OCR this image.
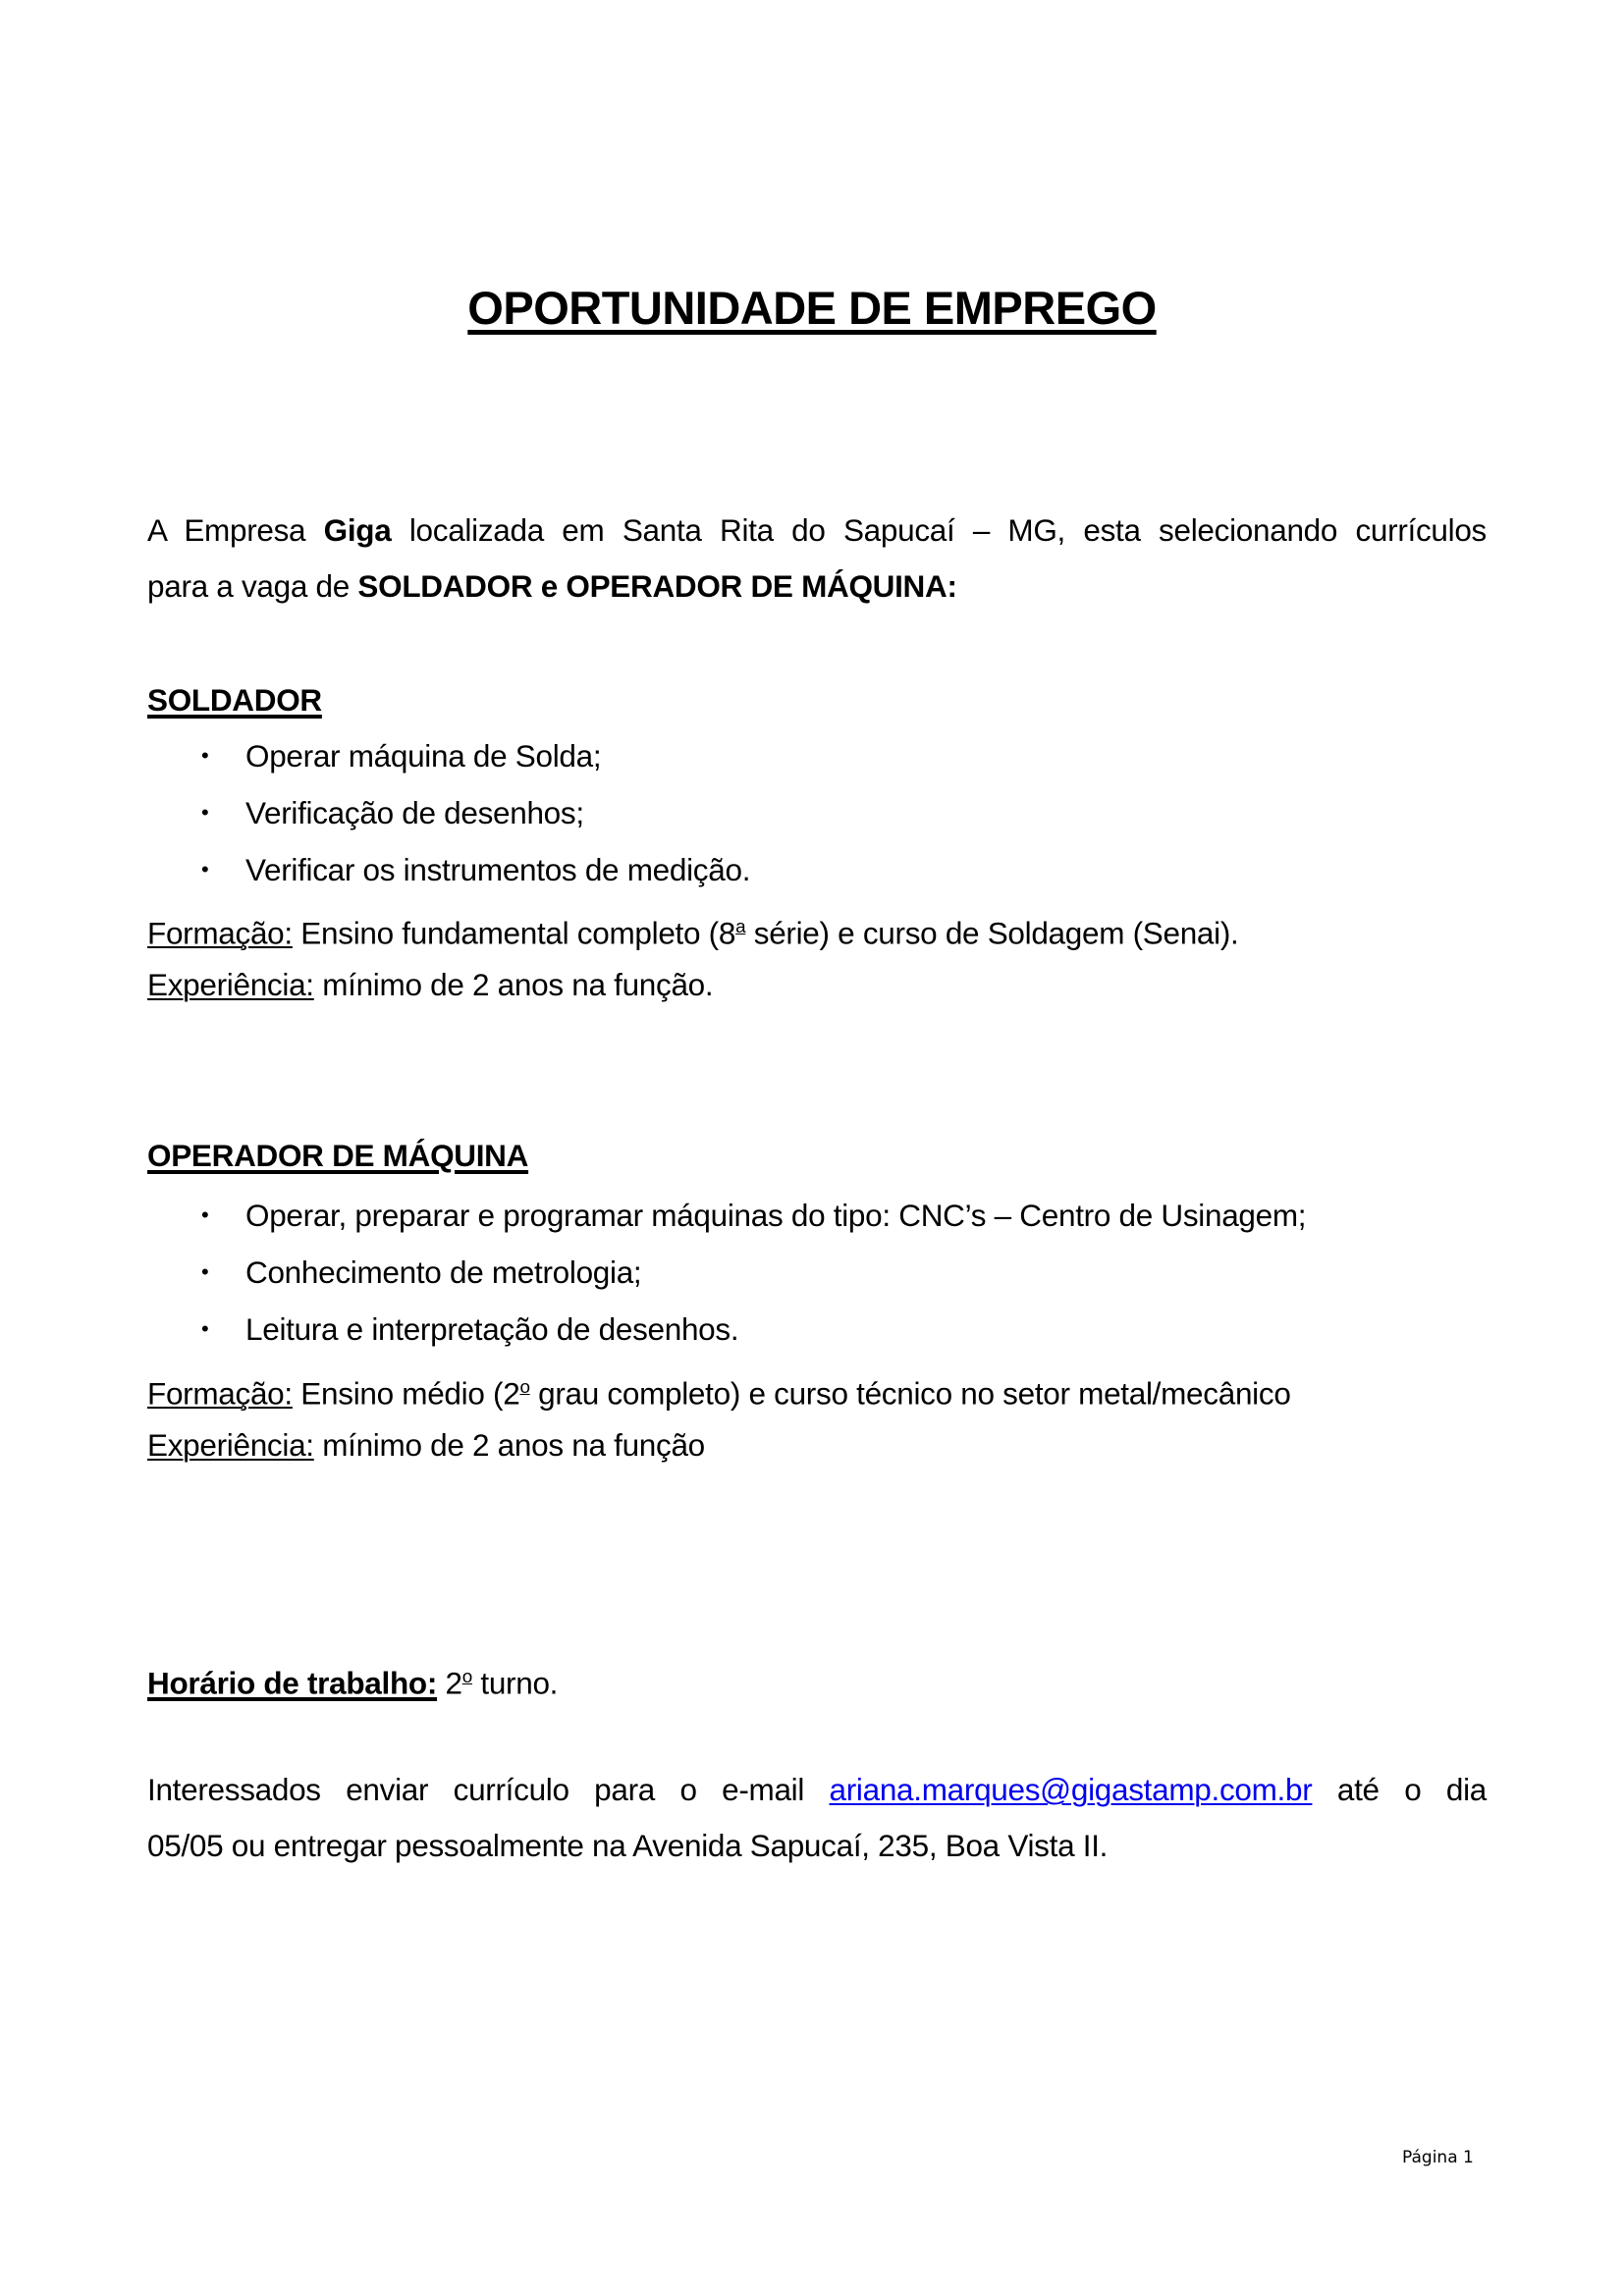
OPORTUNIDADE DE EMPREGO
A Empresa Giga localizada em Santa Rita do Sapucaí – MG, esta selecionando currículos
para a vaga de SOLDADOR e OPERADOR DE MÁQUINA:
SOLDADOR
• Operar máquina de Solda;
• Verificação de desenhos;
• Verificar os instrumentos de medição.
Formação: Ensino fundamental completo (8$^a$ série) e curso de Soldagem (Senai).
Experiência: mínimo de 2 anos na função.
OPERADOR DE MÁQUINA
• Operar, preparar e programar máquinas do tipo: CNC’s – Centro de Usinagem;
• Conhecimento de metrologia;
• Leitura e interpretação de desenhos.
Formação: Ensino médio (2$^o$ grau completo) e curso técnico no setor metal/mecânico
Experiência: mínimo de 2 anos na função
Horário de trabalho: 2$^o$ turno.
Interessados enviar currículo para o e-mail ariana.marques@gigastamp.com.br até o dia
05/05 ou entregar pessoalmente na Avenida Sapucaí, 235, Boa Vista II.
Página 1
